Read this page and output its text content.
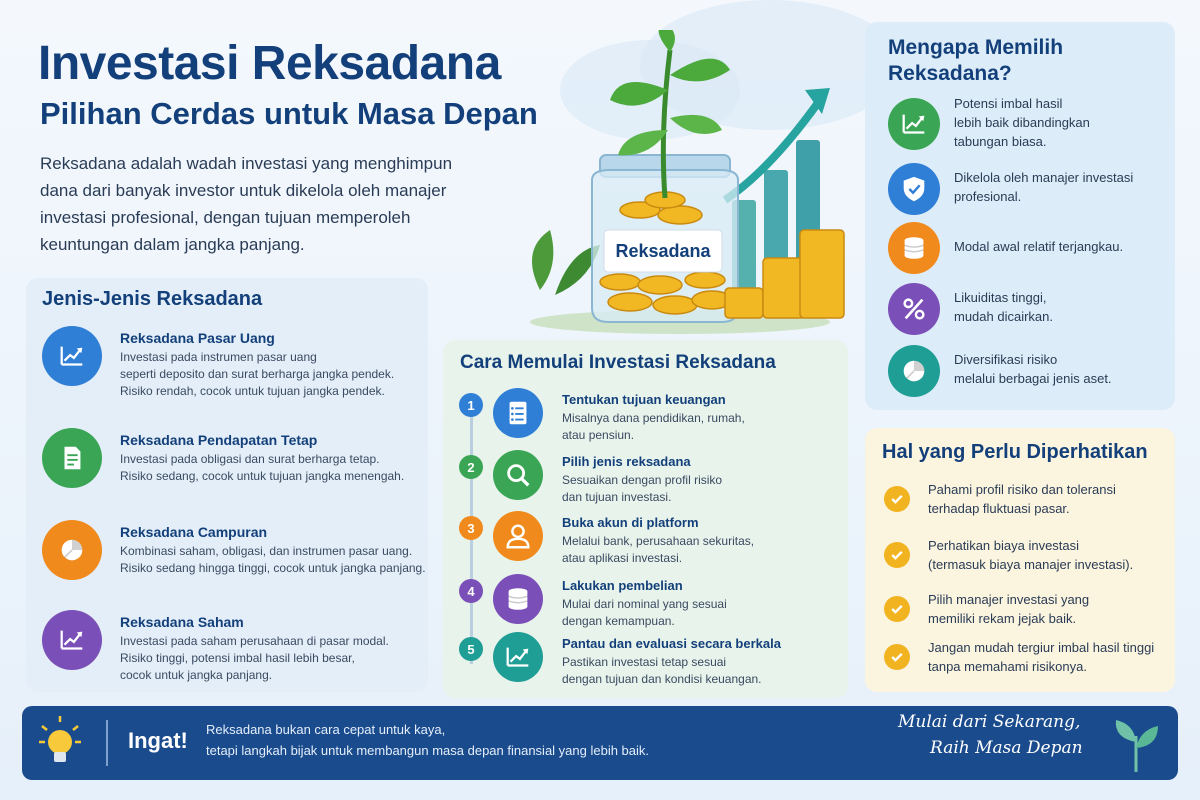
Investasi Reksadana
Pilihan Cerdas untuk Masa Depan
Reksadana adalah wadah investasi yang menghimpun dana dari banyak investor untuk dikelola oleh manajer investasi profesional, dengan tujuan memperoleh keuntungan dalam jangka panjang.	Reksadana
Jenis-Jenis Reksadana
Cara Memulai Investasi Reksadana
Mengapa Memilih
Reksadana?
Hal yang Perlu Diperhatikan
Ingat! Reksadana bukan cara cepat untuk kaya,
tetapi langkah bijak untuk membangun masa depan finansial yang lebih baik.
Mulai dari Sekarang,
Raih Masa Depan
Reksadana Pasar Uang
Investasi pada instrumen pasar uang
seperti deposito dan surat berharga jangka pendek.
Risiko rendah, cocok untuk tujuan jangka pendek.
Reksadana Pendapatan Tetap
Investasi pada obligasi dan surat berharga tetap.
Risiko sedang, cocok untuk tujuan jangka menengah.
Reksadana Campuran
Kombinasi saham, obligasi, dan instrumen pasar uang.
Risiko sedang hingga tinggi, cocok untuk jangka panjang.
Reksadana Saham
Investasi pada saham perusahaan di pasar modal.
Risiko tinggi, potensi imbal hasil lebih besar,
cocok untuk jangka panjang.
1	Tentukan tujuan keuangan
Misalnya dana pendidikan, rumah,
atau pensiun.
2	Pilih jenis reksadana
Sesuaikan dengan profil risiko
dan tujuan investasi.
3	Buka akun di platform
Melalui bank, perusahaan sekuritas,
atau aplikasi investasi.
4	Lakukan pembelian
Mulai dari nominal yang sesuai
dengan kemampuan.
5	Pantau dan evaluasi secara berkala
Pastikan investasi tetap sesuai
dengan tujuan dan kondisi keuangan.
Potensi imbal hasil
lebih baik dibandingkan
tabungan biasa.
Dikelola oleh manajer investasi
profesional.
Modal awal relatif terjangkau.
Likuiditas tinggi,
mudah dicairkan.
Diversifikasi risiko
melalui berbagai jenis aset.
Pahami profil risiko dan toleransi
terhadap fluktuasi pasar.
Perhatikan biaya investasi
(termasuk biaya manajer investasi).
Pilih manajer investasi yang
memiliki rekam jejak baik.
Jangan mudah tergiur imbal hasil tinggi
tanpa memahami risikonya.
